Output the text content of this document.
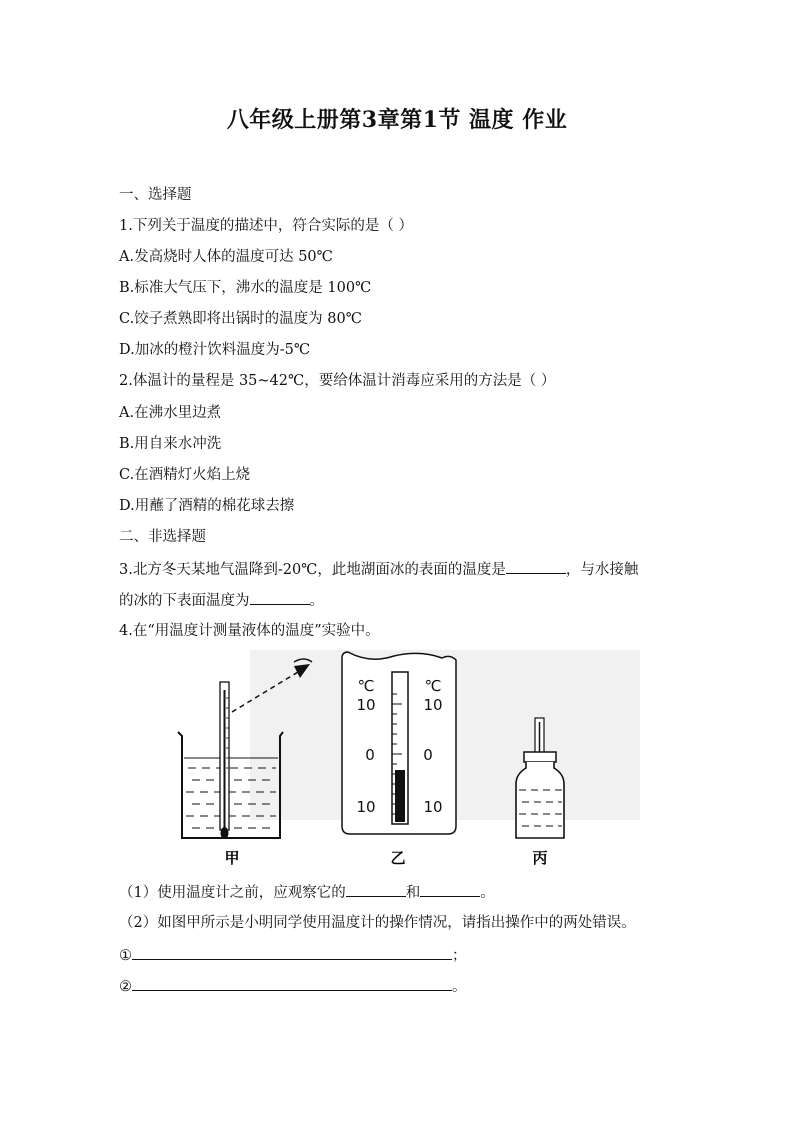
八年级上册第3章第1节 温度 作业
一、选择题
1.下列关于温度的描述中，符合实际的是（ ）
A.发高烧时人体的温度可达 50℃
B.标准大气压下，沸水的温度是 100℃
C.饺子煮熟即将出锅时的温度为 80℃
D.加冰的橙汁饮料温度为-5℃
2.体温计的量程是 35~42℃，要给体温计消毒应采用的方法是（ ）
A.在沸水里边煮
B.用自来水冲洗
C.在酒精灯火焰上烧
D.用蘸了酒精的棉花球去擦
二、非选择题
3.北方冬天某地气温降到-20℃，此地湖面冰的表面的温度是	，与水接触
的冰的下表面温度为	。
4.在“用温度计测量液体的温度”实验中。
甲
℃	℃
10	10
0	0
10	10
乙	丙
（1）使用温度计之前，应观察它的	和	。
（2）如图甲所示是小明同学使用温度计的操作情况，请指出操作中的两处错误。
①	；
②	。
